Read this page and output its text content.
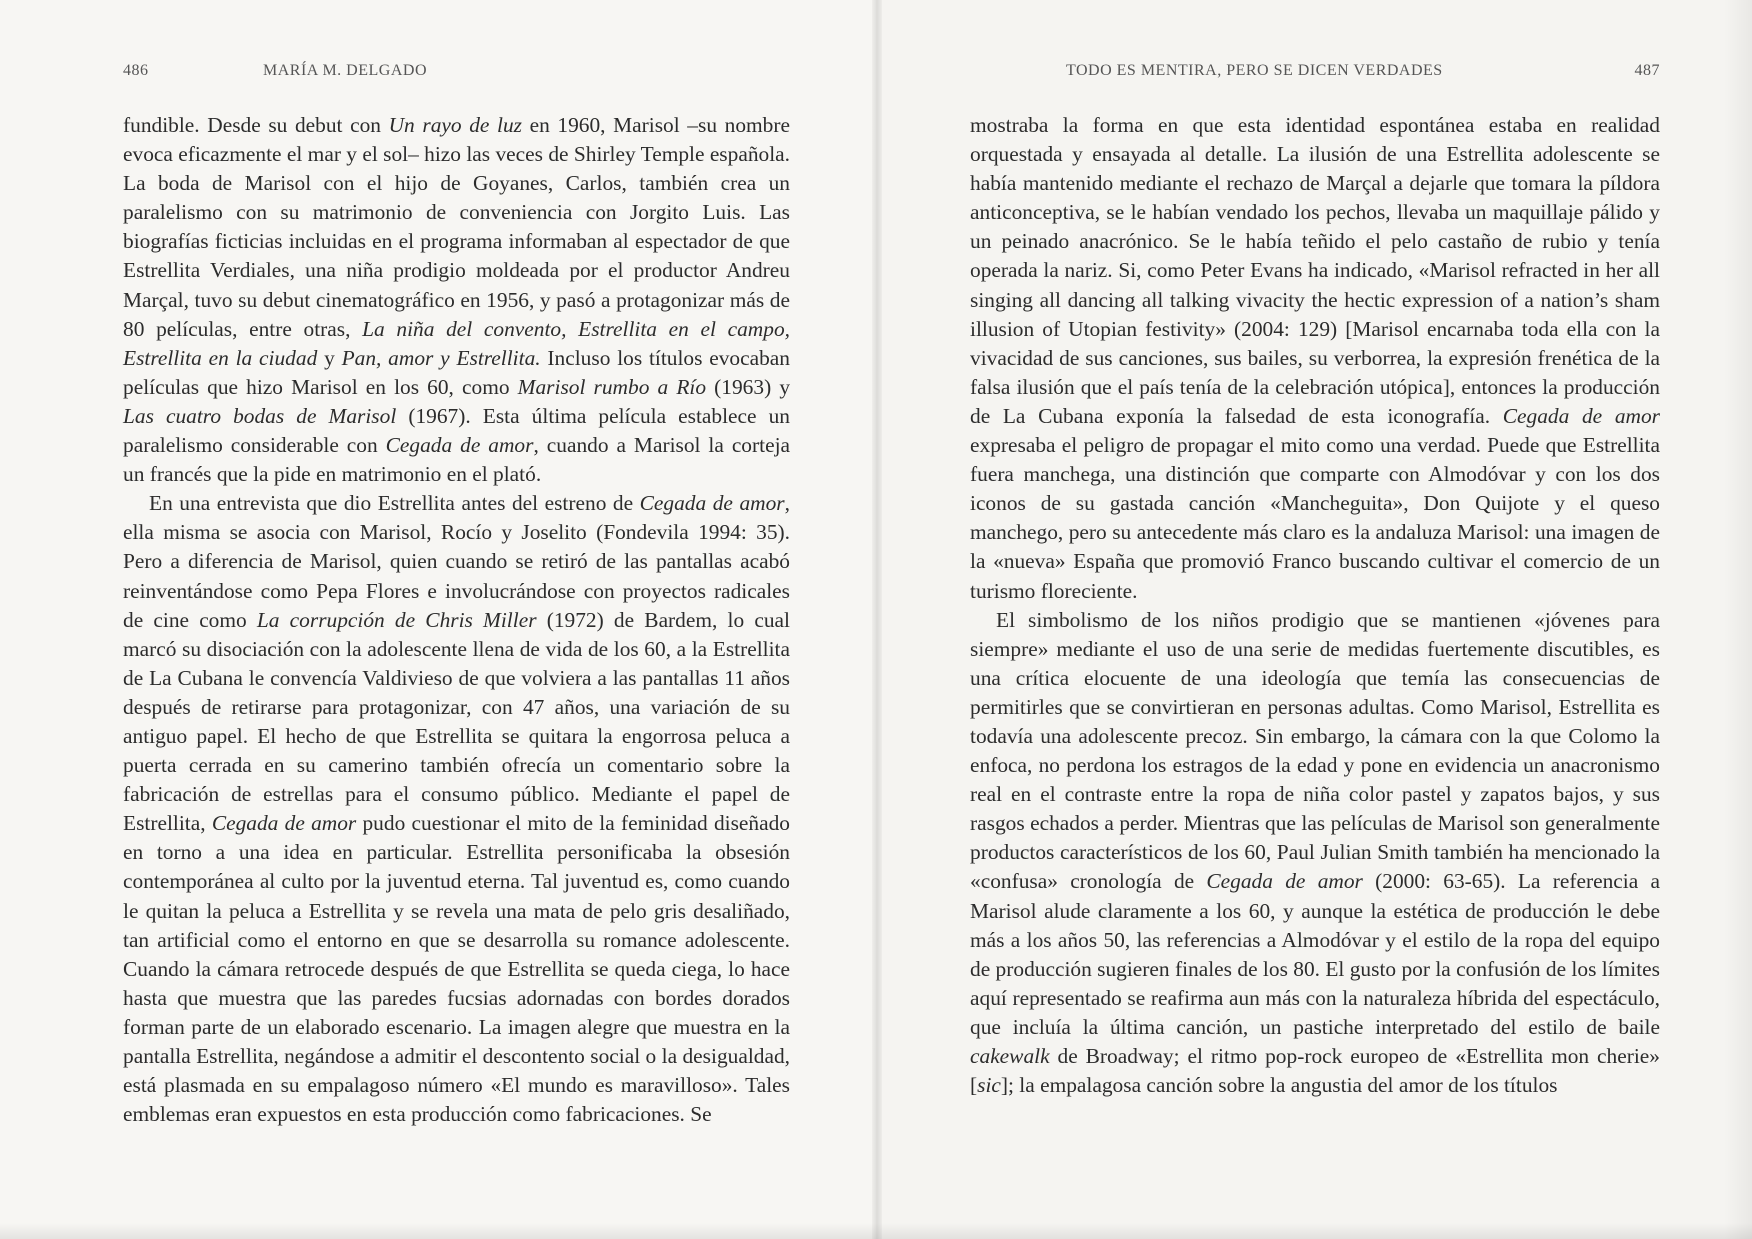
486	MARÍA M. DELGADO

fundible. Desde su debut con Un rayo de luz en 1960, Marisol –su nombre evoca eficazmente el mar y el sol– hizo las veces de Shirley Temple española. La boda de Marisol con el hijo de Goyanes, Carlos, también crea un paralelismo con su matrimonio de conveniencia con Jorgito Luis. Las biografías ficticias incluidas en el programa informaban al espectador de que Estrellita Verdiales, una niña prodigio moldeada por el productor Andreu Marçal, tuvo su debut cinematográfico en 1956, y pasó a protagonizar más de 80 películas, entre otras, La niña del convento, Estrellita en el campo, Estrellita en la ciudad y Pan, amor y Estrellita. Incluso los títulos evocaban películas que hizo Marisol en los 60, como Marisol rumbo a Río (1963) y Las cuatro bodas de Marisol (1967). Esta última película establece un paralelismo considerable con Cegada de amor, cuando a Marisol la corteja un francés que la pide en matrimonio en el plató.

En una entrevista que dio Estrellita antes del estreno de Cegada de amor, ella misma se asocia con Marisol, Rocío y Joselito (Fondevila 1994: 35). Pero a diferencia de Marisol, quien cuando se retiró de las pantallas acabó reinventándose como Pepa Flores e involucrándose con proyectos radicales de cine como La corrupción de Chris Miller (1972) de Bardem, lo cual marcó su disociación con la adolescente llena de vida de los 60, a la Estrellita de La Cubana le convencía Valdivieso de que volviera a las pantallas 11 años después de retirarse para protagonizar, con 47 años, una variación de su antiguo papel. El hecho de que Estrellita se quitara la engorrosa peluca a puerta cerrada en su camerino también ofrecía un comentario sobre la fabricación de estrellas para el consumo público. Mediante el papel de Estrellita, Cegada de amor pudo cuestionar el mito de la feminidad diseñado en torno a una idea en particular. Estrellita personificaba la obsesión contemporánea al culto por la juventud eterna. Tal juventud es, como cuando le quitan la peluca a Estrellita y se revela una mata de pelo gris desaliñado, tan artificial como el entorno en que se desarrolla su romance adolescente. Cuando la cámara retrocede después de que Estrellita se queda ciega, lo hace hasta que muestra que las paredes fucsias adornadas con bordes dorados forman parte de un elaborado escenario. La imagen alegre que muestra en la pantalla Estrellita, negándose a admitir el descontento social o la desigualdad, está plasmada en su empalagoso número «El mundo es maravilloso». Tales emblemas eran expuestos en esta producción como fabricaciones. Se

TODO ES MENTIRA, PERO SE DICEN VERDADES	487

mostraba la forma en que esta identidad espontánea estaba en realidad orquestada y ensayada al detalle. La ilusión de una Estrellita adolescente se había mantenido mediante el rechazo de Marçal a dejarle que tomara la píldora anticonceptiva, se le habían vendado los pechos, llevaba un maquillaje pálido y un peinado anacrónico. Se le había teñido el pelo castaño de rubio y tenía operada la nariz. Si, como Peter Evans ha indicado, «Marisol refracted in her all singing all dancing all talking vivacity the hectic expression of a nation’s sham illusion of Utopian festivity» (2004: 129) [Marisol encarnaba toda ella con la vivacidad de sus canciones, sus bailes, su verborrea, la expresión frenética de la falsa ilusión que el país tenía de la celebración utópica], entonces la producción de La Cubana exponía la falsedad de esta iconografía. Cegada de amor expresaba el peligro de propagar el mito como una verdad. Puede que Estrellita fuera manchega, una distinción que comparte con Almodóvar y con los dos iconos de su gastada canción «Mancheguita», Don Quijote y el queso manchego, pero su antecedente más claro es la andaluza Marisol: una imagen de la «nueva» España que promovió Franco buscando cultivar el comercio de un turismo floreciente.

El simbolismo de los niños prodigio que se mantienen «jóvenes para siempre» mediante el uso de una serie de medidas fuertemente discutibles, es una crítica elocuente de una ideología que temía las consecuencias de permitirles que se convirtieran en personas adultas. Como Marisol, Estrellita es todavía una adolescente precoz. Sin embargo, la cámara con la que Colomo la enfoca, no perdona los estragos de la edad y pone en evidencia un anacronismo real en el contraste entre la ropa de niña color pastel y zapatos bajos, y sus rasgos echados a perder. Mientras que las películas de Marisol son generalmente productos característicos de los 60, Paul Julian Smith también ha mencionado la «confusa» cronología de Cegada de amor (2000: 63-65). La referencia a Marisol alude claramente a los 60, y aunque la estética de producción le debe más a los años 50, las referencias a Almodóvar y el estilo de la ropa del equipo de producción sugieren finales de los 80. El gusto por la confusión de los límites aquí representado se reafirma aun más con la naturaleza híbrida del espectáculo, que incluía la última canción, un pastiche interpretado del estilo de baile cakewalk de Broadway; el ritmo pop-rock europeo de «Estrellita mon cherie» [sic]; la empalagosa canción sobre la angustia del amor de los títulos
